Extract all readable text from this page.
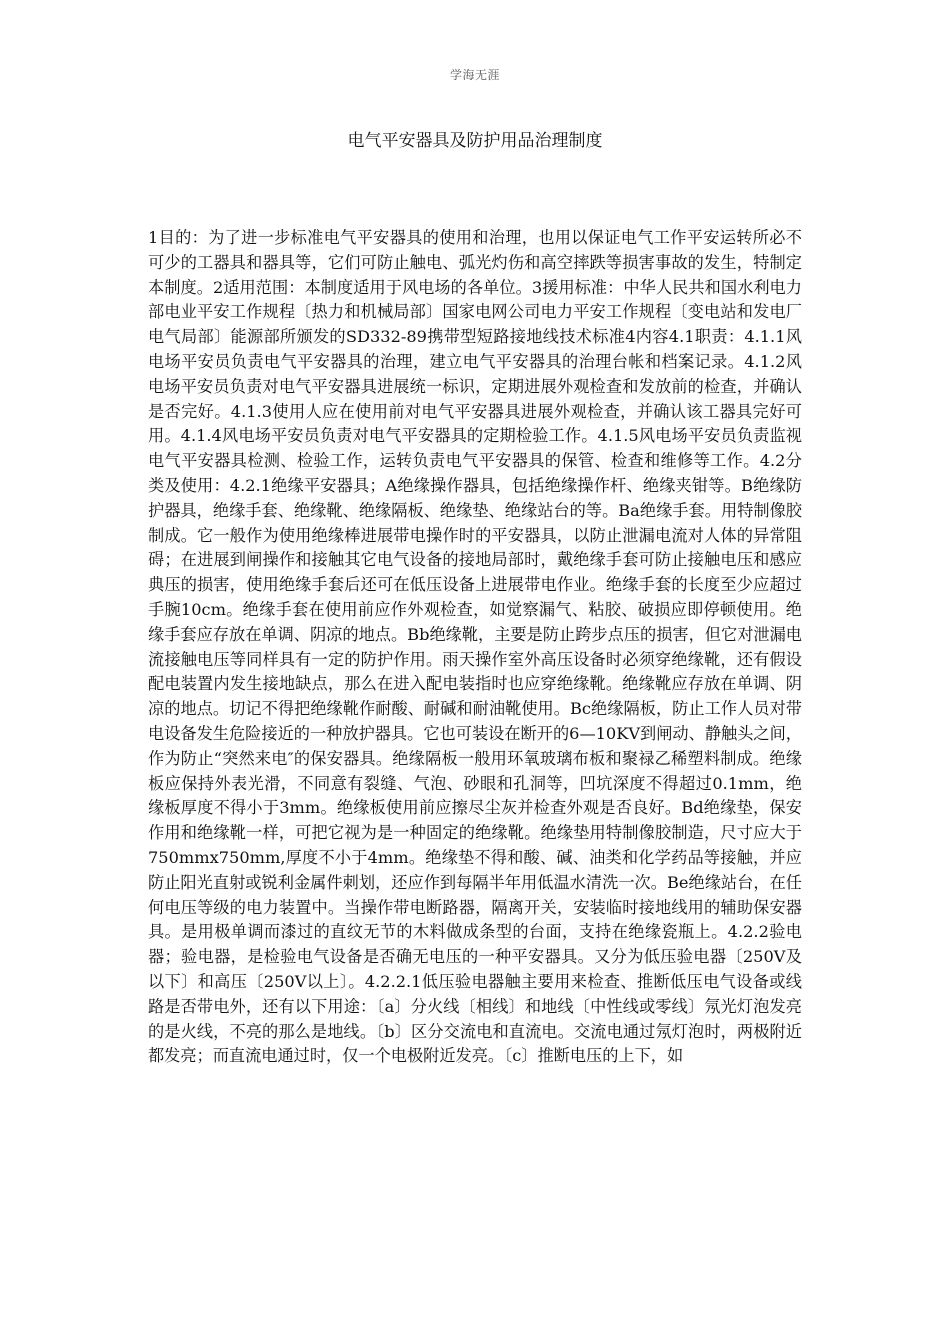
学海无涯
电气平安器具及防护用品治理制度

1目的：为了进一步标准电气平安器具的使用和治理，也用以保证电气工作平安运转所必不可少的工器具和器具等，它们可防止触电、弧光灼伤和高空摔跌等损害事故的发生，特制定本制度。2适用范围：本制度适用于风电场的各单位。3援用标准：中华人民共和国水利电力部电业平安工作规程〔热力和机械局部〕国家电网公司电力平安工作规程〔变电站和发电厂电气局部〕能源部所颁发的SD332-89携带型短路接地线技术标准4内容4.1职责：4.1.1风电场平安员负责电气平安器具的治理，建立电气平安器具的治理台帐和档案记录。4.1.2风电场平安员负责对电气平安器具进展统一标识，定期进展外观检查和发放前的检查，并确认是否完好。4.1.3使用人应在使用前对电气平安器具进展外观检查，并确认该工器具完好可用。4.1.4风电场平安员负责对电气平安器具的定期检验工作。4.1.5风电场平安员负责监视电气平安器具检测、检验工作，运转负责电气平安器具的保管、检查和维修等工作。4.2分类及使用：4.2.1绝缘平安器具；A绝缘操作器具，包括绝缘操作杆、绝缘夹钳等。B绝缘防护器具，绝缘手套、绝缘靴、绝缘隔板、绝缘垫、绝缘站台的等。Ba绝缘手套。用特制像胶制成。它一般作为使用绝缘棒进展带电操作时的平安器具，以防止泄漏电流对人体的异常阻碍；在进展到闸操作和接触其它电气设备的接地局部时，戴绝缘手套可防止接触电压和感应典压的损害，使用绝缘手套后还可在低压设备上进展带电作业。绝缘手套的长度至少应超过手腕10cm。绝缘手套在使用前应作外观检查，如觉察漏气、粘胶、破损应即停顿使用。绝缘手套应存放在单调、阴凉的地点。Bb绝缘靴，主要是防止跨步点压的损害，但它对泄漏电流接触电压等同样具有一定的防护作用。雨天操作室外高压设备时必须穿绝缘靴，还有假设配电装置内发生接地缺点，那么在进入配电装指时也应穿绝缘靴。绝缘靴应存放在单调、阴凉的地点。切记不得把绝缘靴作耐酸、耐碱和耐油靴使用。Bc绝缘隔板，防止工作人员对带电设备发生危险接近的一种放护器具。它也可装设在断开的6—10KV到闸动、静触头之间，作为防止“突然来电″的保安器具。绝缘隔板一般用环氧玻璃布板和聚禄乙稀塑料制成。绝缘板应保持外表光滑，不同意有裂缝、气泡、砂眼和孔洞等，凹坑深度不得超过0.1mm，绝缘板厚度不得小于3mm。绝缘板使用前应擦尽尘灰并检查外观是否良好。Bd绝缘垫，保安作用和绝缘靴一样，可把它视为是一种固定的绝缘靴。绝缘垫用特制像胶制造，尺寸应大于750mmx750mm,厚度不小于4mm。绝缘垫不得和酸、碱、油类和化学药品等接触，并应防止阳光直射或锐利金属件刺划，还应作到每隔半年用低温水清洗一次。Be绝缘站台，在任何电压等级的电力装置中。当操作带电断路器，隔离开关，安装临时接地线用的辅助保安器具。是用极单调而漆过的直纹无节的木料做成条型的台面，支持在绝缘瓷瓶上。4.2.2验电器；验电器，是检验电气设备是否确无电压的一种平安器具。又分为低压验电器〔250V及以下〕和高压〔250V以上〕。4.2.2.1低压验电器触主要用来检查、推断低压电气设备或线路是否带电外，还有以下用途：〔a〕分火线〔相线〕和地线〔中性线或零线〕氖光灯泡发亮的是火线，不亮的那么是地线。〔b〕区分交流电和直流电。交流电通过氖灯泡时，两极附近都发亮；而直流电通过时，仅一个电极附近发亮。〔c〕推断电压的上下，如
